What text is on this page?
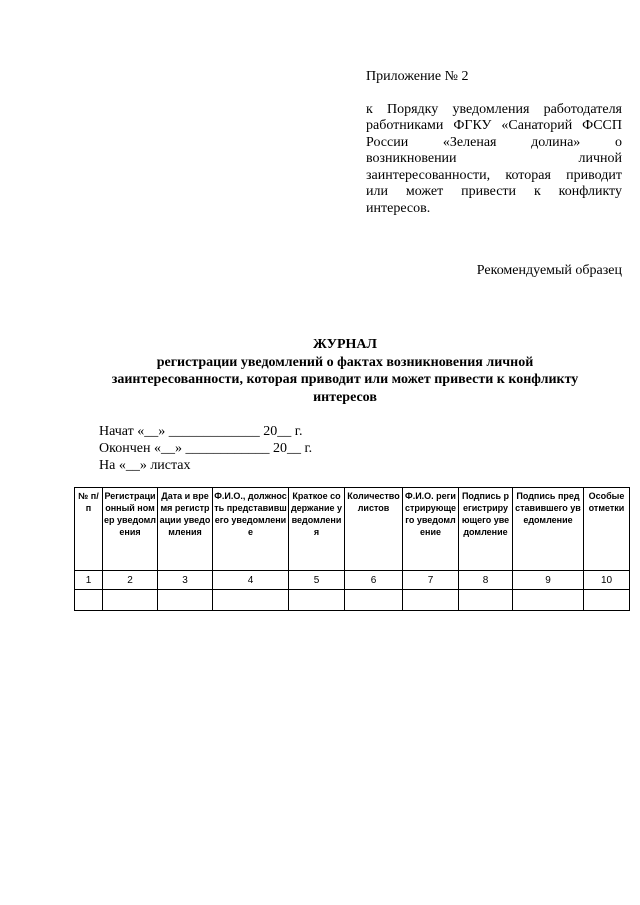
Приложение № 2
к Порядку уведомления работодателя работниками ФГКУ «Санаторий ФССП России «Зеленая долина» о возникновении личной заинтересованности, которая приводит или может привести к конфликту интересов.
Рекомендуемый образец
ЖУРНАЛ
регистрации уведомлений о фактах возникновения личной заинтересованности, которая приводит или может привести к конфликту интересов
Начат «__» _____________ 20__ г.
Окончен «__» ____________ 20__ г.
На «__» листах
№ п/п	Регистрационный номер уведомления	Дата и время регистрации уведомления	Ф.И.О., должность представившего уведомление	Краткое содержание уведомления	Количество листов	Ф.И.О. регистрирующего уведомление	Подпись регистрирующего уведомление	Подпись представившего уведомление	Особые отметки
1	2	3	4	5	6	7	8	9	10
